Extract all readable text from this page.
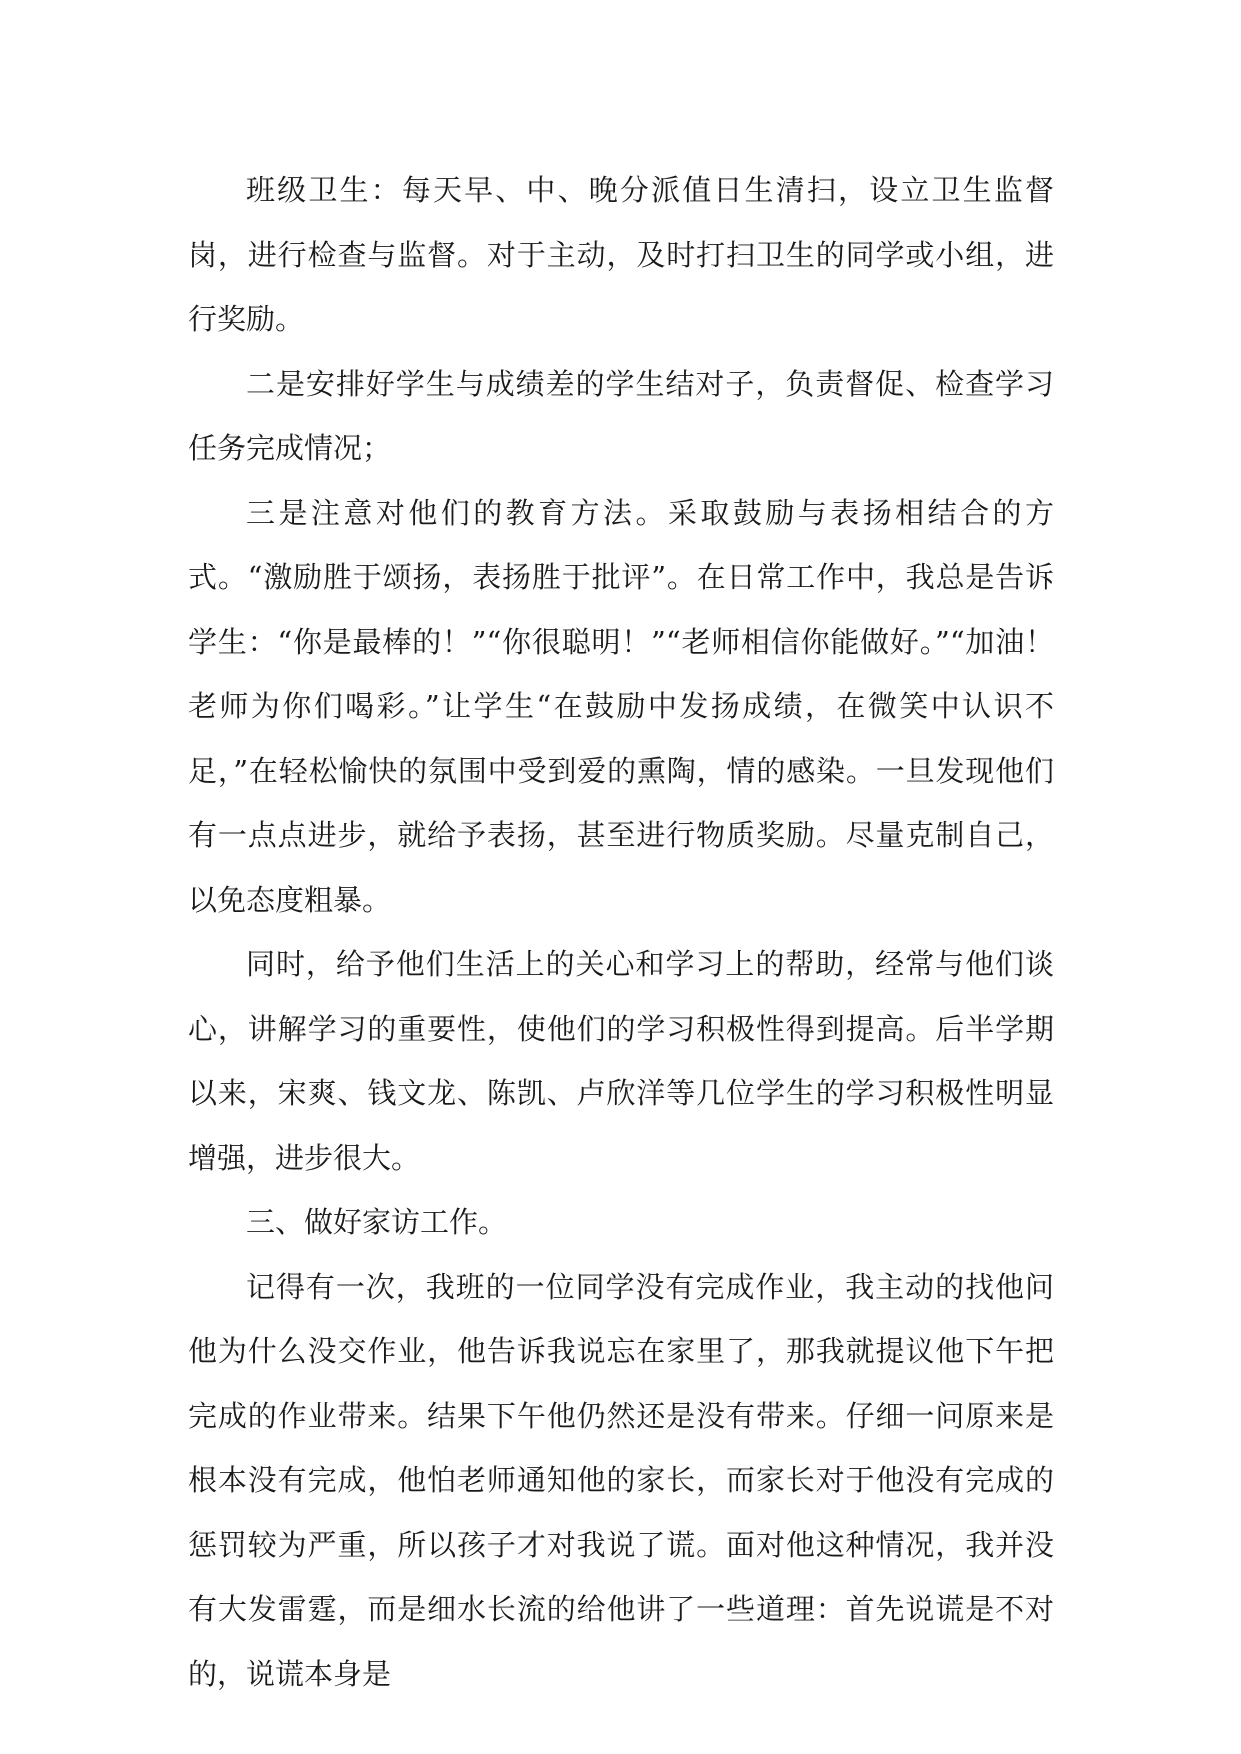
班级卫生：每天早、中、晚分派值日生清扫，设立卫生监督岗，进行检查与监督。对于主动，及时打扫卫生的同学或小组，进行奖励。

二是安排好学生与成绩差的学生结对子，负责督促、检查学习任务完成情况；

三是注意对他们的教育方法。采取鼓励与表扬相结合的方式。“激励胜于颂扬，表扬胜于批评”。在日常工作中，我总是告诉学生：“你是最棒的！”“你很聪明！”“老师相信你能做好。”“加油！老师为你们喝彩。”让学生“在鼓励中发扬成绩，在微笑中认识不足，”在轻松愉快的氛围中受到爱的熏陶，情的感染。一旦发现他们有一点点进步，就给予表扬，甚至进行物质奖励。尽量克制自己，以免态度粗暴。

同时，给予他们生活上的关心和学习上的帮助，经常与他们谈心，讲解学习的重要性，使他们的学习积极性得到提高。后半学期以来，宋爽、钱文龙、陈凯、卢欣洋等几位学生的学习积极性明显增强，进步很大。

三、做好家访工作。

记得有一次，我班的一位同学没有完成作业，我主动的找他问他为什么没交作业，他告诉我说忘在家里了，那我就提议他下午把完成的作业带来。结果下午他仍然还是没有带来。仔细一问原来是根本没有完成，他怕老师通知他的家长，而家长对于他没有完成的惩罚较为严重，所以孩子才对我说了谎。面对他这种情况，我并没有大发雷霆，而是细水长流的给他讲了一些道理：首先说谎是不对的，说谎本身是
